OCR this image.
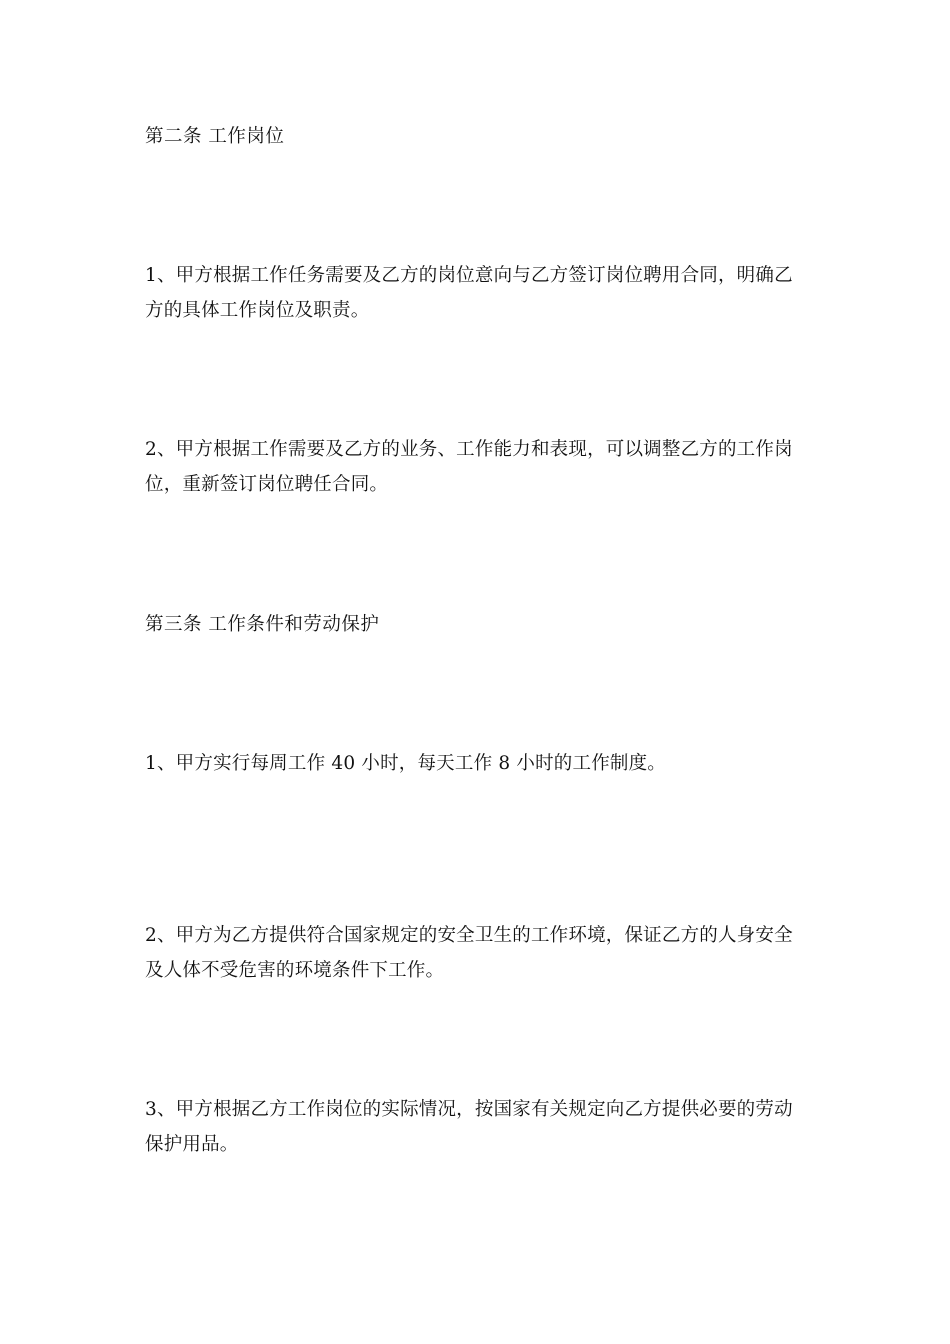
第二条 工作岗位
1、甲方根据工作任务需要及乙方的岗位意向与乙方签订岗位聘用合同，明确乙方的具体工作岗位及职责。
2、甲方根据工作需要及乙方的业务、工作能力和表现，可以调整乙方的工作岗位，重新签订岗位聘任合同。
第三条 工作条件和劳动保护
1、甲方实行每周工作 40 小时，每天工作 8 小时的工作制度。
2、甲方为乙方提供符合国家规定的安全卫生的工作环境，保证乙方的人身安全及人体不受危害的环境条件下工作。
3、甲方根据乙方工作岗位的实际情况，按国家有关规定向乙方提供必要的劳动保护用品。
